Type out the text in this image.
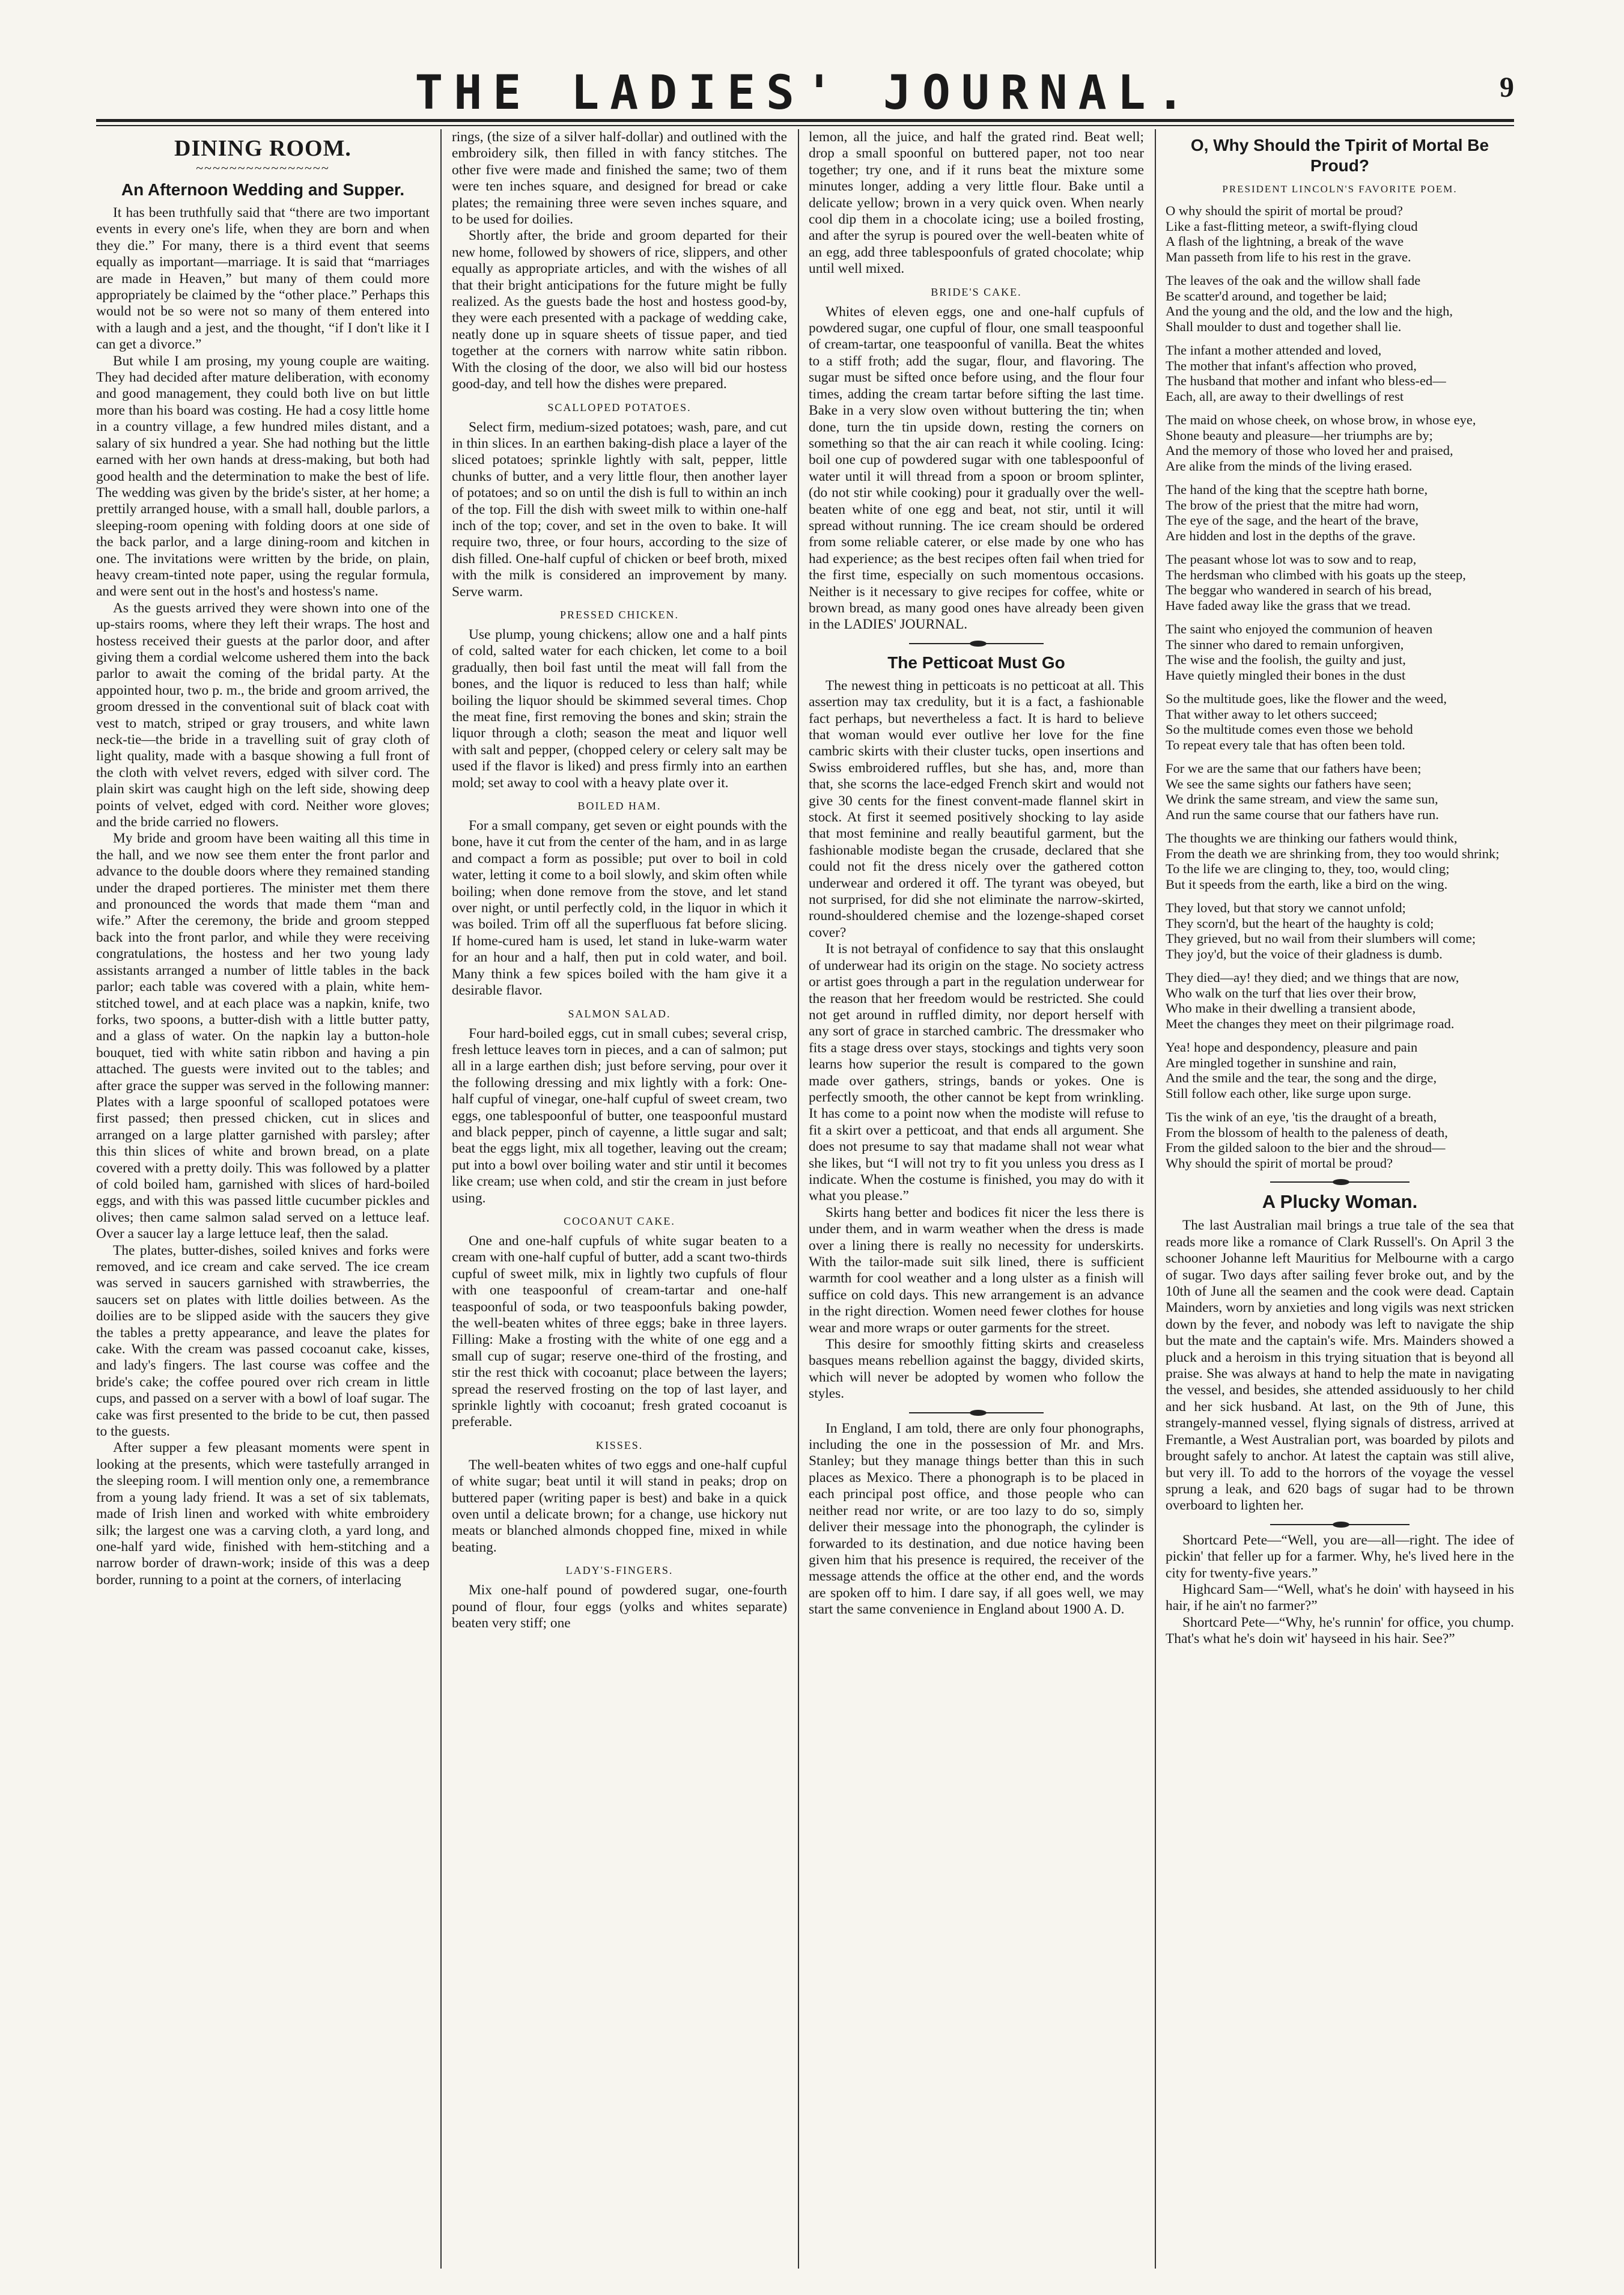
THE LADIES' JOURNAL.	9
DINING ROOM.
~~~~~~~~~~~~~~~~
An Afternoon Wedding and Supper.

It has been truthfully said that “there are two important events in every one's life, when they are born and when they die.” For many, there is a third event that seems equally as important—marriage. It is said that “marriages are made in Heaven,” but many of them could more appropriately be claimed by the “other place.” Perhaps this would not be so were not so many of them entered into with a laugh and a jest, and the thought, “if I don't like it I can get a divorce.”

But while I am prosing, my young couple are waiting. They had decided after mature deliberation, with economy and good management, they could both live on but little more than his board was costing. He had a cosy little home in a country village, a few hundred miles distant, and a salary of six hundred a year. She had nothing but the little earned with her own hands at dress-making, but both had good health and the determination to make the best of life. The wedding was given by the bride's sister, at her home; a prettily arranged house, with a small hall, double parlors, a sleeping-room opening with folding doors at one side of the back parlor, and a large dining-room and kitchen in one. The invitations were written by the bride, on plain, heavy cream-tinted note paper, using the regular formula, and were sent out in the host's and hostess's name.

As the guests arrived they were shown into one of the up-stairs rooms, where they left their wraps. The host and hostess received their guests at the parlor door, and after giving them a cordial welcome ushered them into the back parlor to await the coming of the bridal party. At the appointed hour, two p. m., the bride and groom arrived, the groom dressed in the conventional suit of black coat with vest to match, striped or gray trousers, and white lawn neck-tie—the bride in a travelling suit of gray cloth of light quality, made with a basque showing a full front of the cloth with velvet revers, edged with silver cord. The plain skirt was caught high on the left side, showing deep points of velvet, edged with cord. Neither wore gloves; and the bride carried no flowers.

My bride and groom have been waiting all this time in the hall, and we now see them enter the front parlor and advance to the double doors where they remained standing under the draped portieres. The minister met them there and pronounced the words that made them “man and wife.” After the ceremony, the bride and groom stepped back into the front parlor, and while they were receiving congratulations, the hostess and her two young lady assistants arranged a number of little tables in the back parlor; each table was covered with a plain, white hem-stitched towel, and at each place was a napkin, knife, two forks, two spoons, a butter-dish with a little butter patty, and a glass of water. On the napkin lay a button-hole bouquet, tied with white satin ribbon and having a pin attached. The guests were invited out to the tables; and after grace the supper was served in the following manner: Plates with a large spoonful of scalloped potatoes were first passed; then pressed chicken, cut in slices and arranged on a large platter garnished with parsley; after this thin slices of white and brown bread, on a plate covered with a pretty doily. This was followed by a platter of cold boiled ham, garnished with slices of hard-boiled eggs, and with this was passed little cucumber pickles and olives; then came salmon salad served on a lettuce leaf. Over a saucer lay a large lettuce leaf, then the salad.

The plates, butter-dishes, soiled knives and forks were removed, and ice cream and cake served. The ice cream was served in saucers garnished with strawberries, the saucers set on plates with little doilies between. As the doilies are to be slipped aside with the saucers they give the tables a pretty appearance, and leave the plates for cake. With the cream was passed cocoanut cake, kisses, and lady's fingers. The last course was coffee and the bride's cake; the coffee poured over rich cream in little cups, and passed on a server with a bowl of loaf sugar. The cake was first presented to the bride to be cut, then passed to the guests.

After supper a few pleasant moments were spent in looking at the presents, which were tastefully arranged in the sleeping room. I will mention only one, a remembrance from a young lady friend. It was a set of six tablemats, made of Irish linen and worked with white embroidery silk; the largest one was a carving cloth, a yard long, and one-half yard wide, finished with hem-stitching and a narrow border of drawn-work; inside of this was a deep border, running to a point at the corners, of interlacing

rings, (the size of a silver half-dollar) and outlined with the embroidery silk, then filled in with fancy stitches. The other five were made and finished the same; two of them were ten inches square, and designed for bread or cake plates; the remaining three were seven inches square, and to be used for doilies.

Shortly after, the bride and groom departed for their new home, followed by showers of rice, slippers, and other equally as appropriate articles, and with the wishes of all that their bright anticipations for the future might be fully realized. As the guests bade the host and hostess good-by, they were each presented with a package of wedding cake, neatly done up in square sheets of tissue paper, and tied together at the corners with narrow white satin ribbon. With the closing of the door, we also will bid our hostess good-day, and tell how the dishes were prepared.

SCALLOPED POTATOES.

Select firm, medium-sized potatoes; wash, pare, and cut in thin slices. In an earthen baking-dish place a layer of the sliced potatoes; sprinkle lightly with salt, pepper, little chunks of butter, and a very little flour, then another layer of potatoes; and so on until the dish is full to within an inch of the top. Fill the dish with sweet milk to within one-half inch of the top; cover, and set in the oven to bake. It will require two, three, or four hours, according to the size of dish filled. One-half cupful of chicken or beef broth, mixed with the milk is considered an improvement by many. Serve warm.

PRESSED CHICKEN.

Use plump, young chickens; allow one and a half pints of cold, salted water for each chicken, let come to a boil gradually, then boil fast until the meat will fall from the bones, and the liquor is reduced to less than half; while boiling the liquor should be skimmed several times. Chop the meat fine, first removing the bones and skin; strain the liquor through a cloth; season the meat and liquor well with salt and pepper, (chopped celery or celery salt may be used if the flavor is liked) and press firmly into an earthen mold; set away to cool with a heavy plate over it.

BOILED HAM.

For a small company, get seven or eight pounds with the bone, have it cut from the center of the ham, and in as large and compact a form as possible; put over to boil in cold water, letting it come to a boil slowly, and skim often while boiling; when done remove from the stove, and let stand over night, or until perfectly cold, in the liquor in which it was boiled. Trim off all the superfluous fat before slicing. If home-cured ham is used, let stand in luke-warm water for an hour and a half, then put in cold water, and boil. Many think a few spices boiled with the ham give it a desirable flavor.

SALMON SALAD.

Four hard-boiled eggs, cut in small cubes; several crisp, fresh lettuce leaves torn in pieces, and a can of salmon; put all in a large earthen dish; just before serving, pour over it the following dressing and mix lightly with a fork: One-half cupful of vinegar, one-half cupful of sweet cream, two eggs, one tablespoonful of butter, one teaspoonful mustard and black pepper, pinch of cayenne, a little sugar and salt; beat the eggs light, mix all together, leaving out the cream; put into a bowl over boiling water and stir until it becomes like cream; use when cold, and stir the cream in just before using.

COCOANUT CAKE.

One and one-half cupfuls of white sugar beaten to a cream with one-half cupful of butter, add a scant two-thirds cupful of sweet milk, mix in lightly two cupfuls of flour with one teaspoonful of cream-tartar and one-half teaspoonful of soda, or two teaspoonfuls baking powder, the well-beaten whites of three eggs; bake in three layers. Filling: Make a frosting with the white of one egg and a small cup of sugar; reserve one-third of the frosting, and stir the rest thick with cocoanut; place between the layers; spread the reserved frosting on the top of last layer, and sprinkle lightly with cocoanut; fresh grated cocoanut is preferable.

KISSES.

The well-beaten whites of two eggs and one-half cupful of white sugar; beat until it will stand in peaks; drop on buttered paper (writing paper is best) and bake in a quick oven until a delicate brown; for a change, use hickory nut meats or blanched almonds chopped fine, mixed in while beating.

LADY'S-FINGERS.

Mix one-half pound of powdered sugar, one-fourth pound of flour, four eggs (yolks and whites separate) beaten very stiff; one

lemon, all the juice, and half the grated rind. Beat well; drop a small spoonful on buttered paper, not too near together; try one, and if it runs beat the mixture some minutes longer, adding a very little flour. Bake until a delicate yellow; brown in a very quick oven. When nearly cool dip them in a chocolate icing; use a boiled frosting, and after the syrup is poured over the well-beaten white of an egg, add three tablespoonfuls of grated chocolate; whip until well mixed.

BRIDE'S CAKE.

Whites of eleven eggs, one and one-half cupfuls of powdered sugar, one cupful of flour, one small teaspoonful of cream-tartar, one teaspoonful of vanilla. Beat the whites to a stiff froth; add the sugar, flour, and flavoring. The sugar must be sifted once before using, and the flour four times, adding the cream tartar before sifting the last time. Bake in a very slow oven without buttering the tin; when done, turn the tin upside down, resting the corners on something so that the air can reach it while cooling. Icing: boil one cup of powdered sugar with one tablespoonful of water until it will thread from a spoon or broom splinter, (do not stir while cooking) pour it gradually over the well-beaten white of one egg and beat, not stir, until it will spread without running. The ice cream should be ordered from some reliable caterer, or else made by one who has had experience; as the best recipes often fail when tried for the first time, especially on such momentous occasions. Neither is it necessary to give recipes for coffee, white or brown bread, as many good ones have already been given in the LADIES' JOURNAL.

The Petticoat Must Go

The newest thing in petticoats is no petticoat at all. This assertion may tax credulity, but it is a fact, a fashionable fact perhaps, but nevertheless a fact. It is hard to believe that woman would ever outlive her love for the fine cambric skirts with their cluster tucks, open insertions and Swiss embroidered ruffles, but she has, and, more than that, she scorns the lace-edged French skirt and would not give 30 cents for the finest convent-made flannel skirt in stock. At first it seemed positively shocking to lay aside that most feminine and really beautiful garment, but the fashionable modiste began the crusade, declared that she could not fit the dress nicely over the gathered cotton underwear and ordered it off. The tyrant was obeyed, but not surprised, for did she not eliminate the narrow-skirted, round-shouldered chemise and the lozenge-shaped corset cover?

It is not betrayal of confidence to say that this onslaught of underwear had its origin on the stage. No society actress or artist goes through a part in the regulation underwear for the reason that her freedom would be restricted. She could not get around in ruffled dimity, nor deport herself with any sort of grace in starched cambric. The dressmaker who fits a stage dress over stays, stockings and tights very soon learns how superior the result is compared to the gown made over gathers, strings, bands or yokes. One is perfectly smooth, the other cannot be kept from wrinkling. It has come to a point now when the modiste will refuse to fit a skirt over a petticoat, and that ends all argument. She does not presume to say that madame shall not wear what she likes, but “I will not try to fit you unless you dress as I indicate. When the costume is finished, you may do with it what you please.”

Skirts hang better and bodices fit nicer the less there is under them, and in warm weather when the dress is made over a lining there is really no necessity for underskirts. With the tailor-made suit silk lined, there is sufficient warmth for cool weather and a long ulster as a finish will suffice on cold days. This new arrangement is an advance in the right direction. Women need fewer clothes for house wear and more wraps or outer garments for the street.

This desire for smoothly fitting skirts and creaseless basques means rebellion against the baggy, divided skirts, which will never be adopted by women who follow the styles.

In England, I am told, there are only four phonographs, including the one in the possession of Mr. and Mrs. Stanley; but they manage things better than this in such places as Mexico. There a phonograph is to be placed in each principal post office, and those people who can neither read nor write, or are too lazy to do so, simply deliver their message into the phonograph, the cylinder is forwarded to its destination, and due notice having been given him that his presence is required, the receiver of the message attends the office at the other end, and the words are spoken off to him. I dare say, if all goes well, we may start the same convenience in England about 1900 A. D.

O, Why Should the Tpirit of Mortal Be Proud?
PRESIDENT LINCOLN'S FAVORITE POEM.
O why should the spirit of mortal be proud?
Like a fast-flitting meteor, a swift-flying cloud
A flash of the lightning, a break of the wave
Man passeth from life to his rest in the grave.
The leaves of the oak and the willow shall fade
Be scatter'd around, and together be laid;
And the young and the old, and the low and the high,
Shall moulder to dust and together shall lie.
The infant a mother attended and loved,
The mother that infant's affection who proved,
The husband that mother and infant who bless-ed—
Each, all, are away to their dwellings of rest
The maid on whose cheek, on whose brow, in whose eye,
Shone beauty and pleasure—her triumphs are by;
And the memory of those who loved her and praised,
Are alike from the minds of the living erased.
The hand of the king that the sceptre hath borne,
The brow of the priest that the mitre had worn,
The eye of the sage, and the heart of the brave,
Are hidden and lost in the depths of the grave.
The peasant whose lot was to sow and to reap,
The herdsman who climbed with his goats up the steep,
The beggar who wandered in search of his bread,
Have faded away like the grass that we tread.
The saint who enjoyed the communion of heaven
The sinner who dared to remain unforgiven,
The wise and the foolish, the guilty and just,
Have quietly mingled their bones in the dust
So the multitude goes, like the flower and the weed,
That wither away to let others succeed;
So the multitude comes even those we behold
To repeat every tale that has often been told.
For we are the same that our fathers have been;
We see the same sights our fathers have seen;
We drink the same stream, and view the same sun,
And run the same course that our fathers have run.
The thoughts we are thinking our fathers would think,
From the death we are shrinking from, they too would shrink;
To the life we are clinging to, they, too, would cling;
But it speeds from the earth, like a bird on the wing.
They loved, but that story we cannot unfold;
They scorn'd, but the heart of the haughty is cold;
They grieved, but no wail from their slumbers will come;
They joy'd, but the voice of their gladness is dumb.
They died—ay! they died; and we things that are now,
Who walk on the turf that lies over their brow,
Who make in their dwelling a transient abode,
Meet the changes they meet on their pilgrimage road.
Yea! hope and despondency, pleasure and pain
Are mingled together in sunshine and rain,
And the smile and the tear, the song and the dirge,
Still follow each other, like surge upon surge.
Tis the wink of an eye, 'tis the draught of a breath,
From the blossom of health to the paleness of death,
From the gilded saloon to the bier and the shroud—
Why should the spirit of mortal be proud?
A Plucky Woman.

The last Australian mail brings a true tale of the sea that reads more like a romance of Clark Russell's. On April 3 the schooner Johanne left Mauritius for Melbourne with a cargo of sugar. Two days after sailing fever broke out, and by the 10th of June all the seamen and the cook were dead. Captain Mainders, worn by anxieties and long vigils was next stricken down by the fever, and nobody was left to navigate the ship but the mate and the captain's wife. Mrs. Mainders showed a pluck and a heroism in this trying situation that is beyond all praise. She was always at hand to help the mate in navigating the vessel, and besides, she attended assiduously to her child and her sick husband. At last, on the 9th of June, this strangely-manned vessel, flying signals of distress, arrived at Fremantle, a West Australian port, was boarded by pilots and brought safely to anchor. At latest the captain was still alive, but very ill. To add to the horrors of the voyage the vessel sprung a leak, and 620 bags of sugar had to be thrown overboard to lighten her.

Shortcard Pete—“Well, you are—all—right. The idee of pickin' that feller up for a farmer. Why, he's lived here in the city for twenty-five years.”

Highcard Sam—“Well, what's he doin' with hayseed in his hair, if he ain't no farmer?”

Shortcard Pete—“Why, he's runnin' for office, you chump. That's what he's doin wit' hayseed in his hair. See?”
